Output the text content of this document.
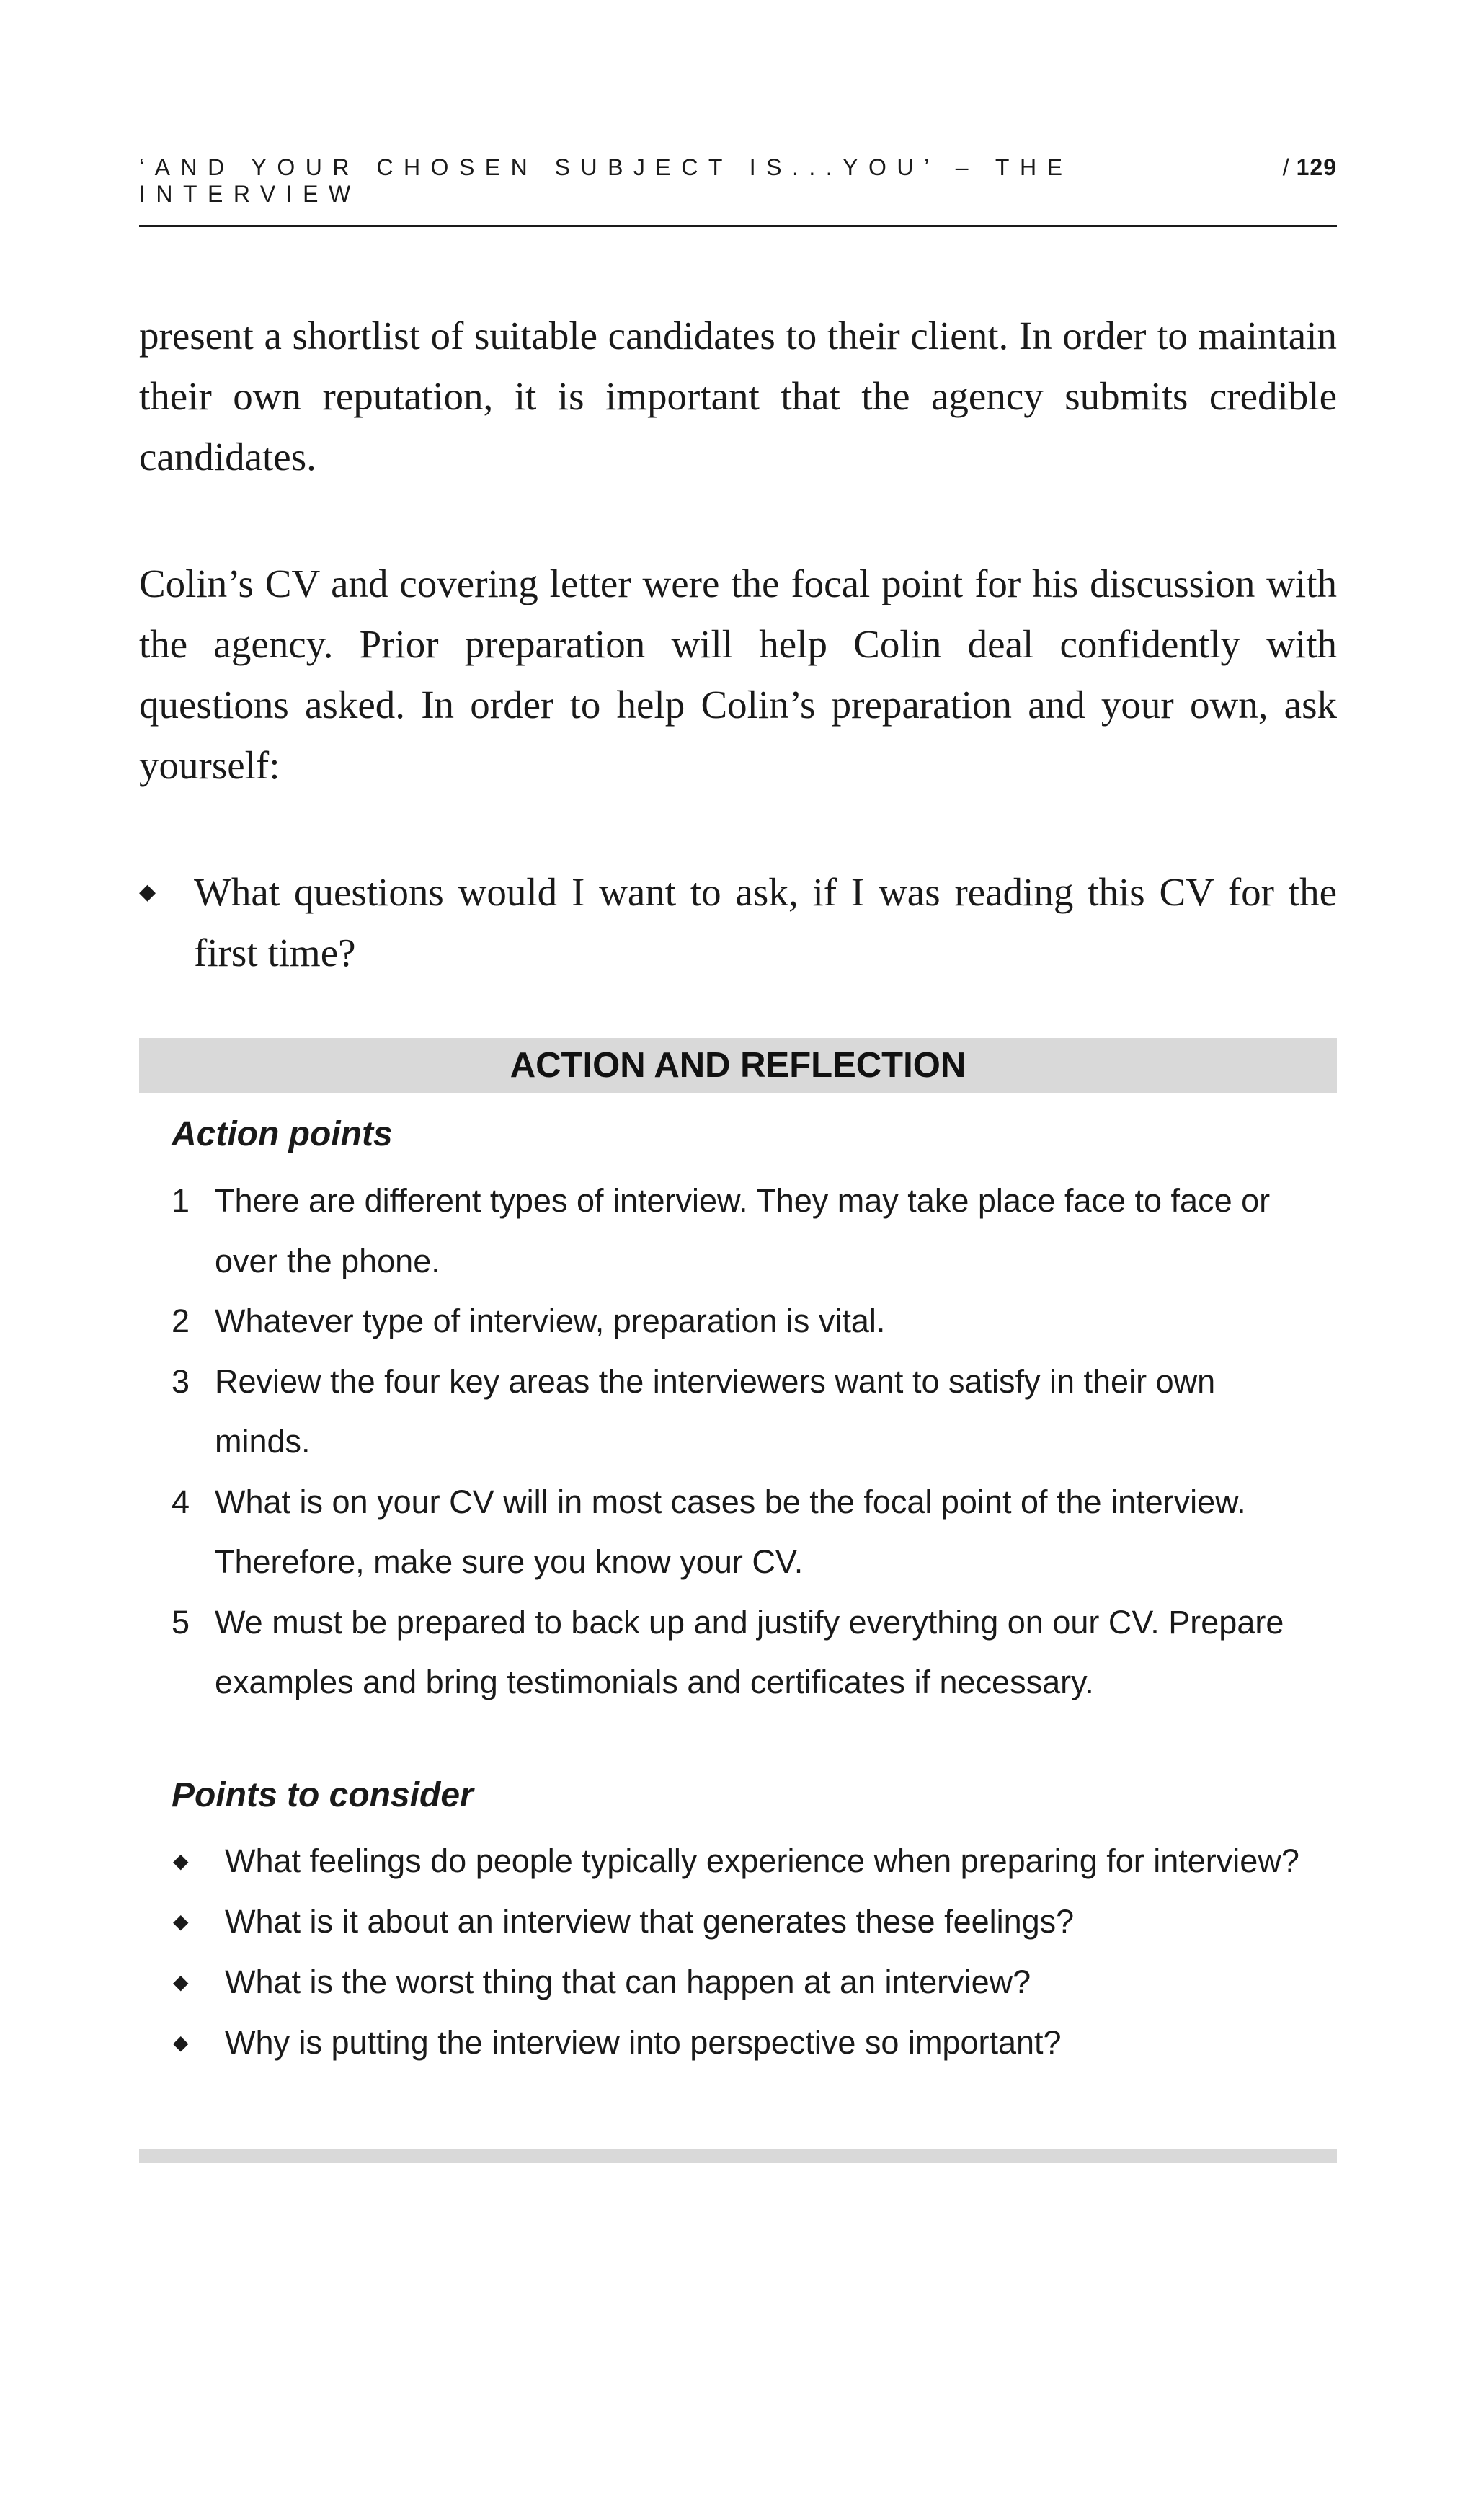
‘AND YOUR CHOSEN SUBJECT IS...YOU’ – THE INTERVIEW
/ 129

present a shortlist of suitable candidates to their client. In order to maintain their own reputation, it is important that the agency submits credible candidates.

Colin’s CV and covering letter were the focal point for his discussion with the agency. Prior preparation will help Colin deal confidently with questions asked. In order to help Colin’s preparation and your own, ask yourself:

◆ What questions would I want to ask, if I was reading this CV for the first time?
ACTION AND REFLECTION
Action points
1 There are different types of interview. They may take place face to face or over the phone.
2 Whatever type of interview, preparation is vital.
3 Review the four key areas the interviewers want to satisfy in their own minds.
4 What is on your CV will in most cases be the focal point of the interview. Therefore, make sure you know your CV.
5 We must be prepared to back up and justify everything on our CV. Prepare examples and bring testimonials and certificates if necessary.
Points to consider
◆ What feelings do people typically experience when preparing for interview?
◆ What is it about an interview that generates these feelings?
◆ What is the worst thing that can happen at an interview?
◆ Why is putting the interview into perspective so important?
